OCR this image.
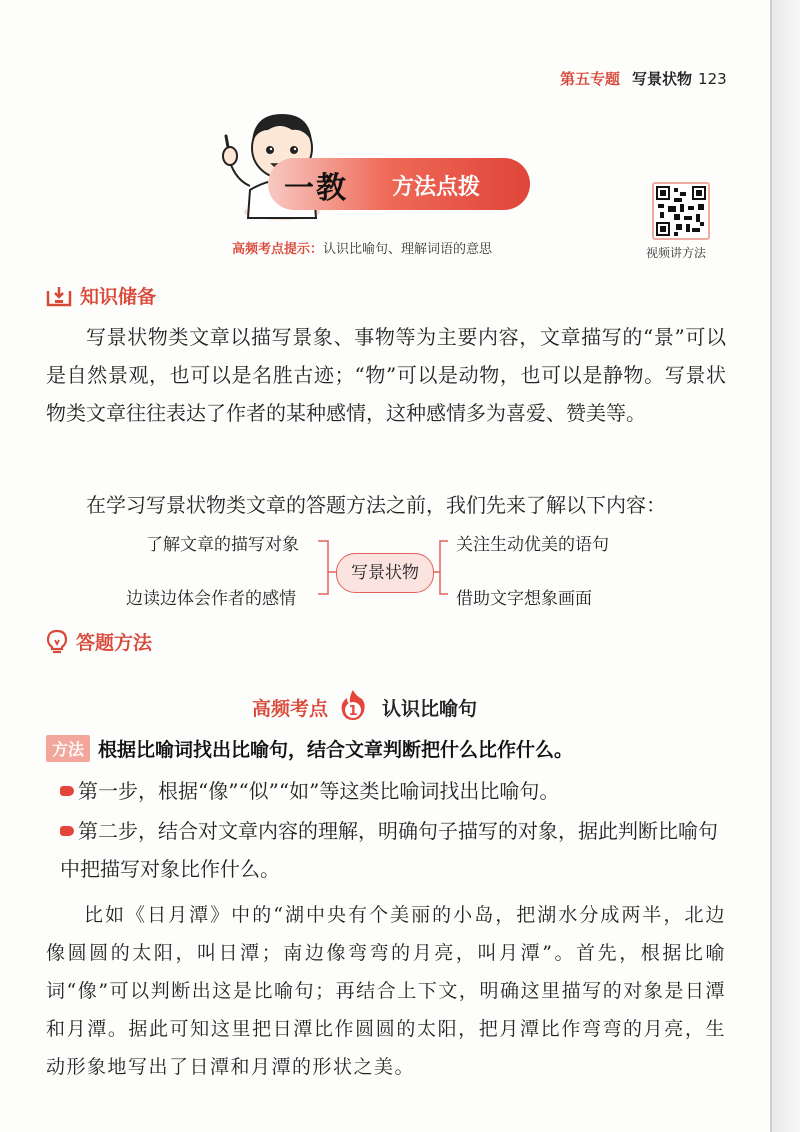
第五专题 写景状物 123
一教 方法点拨
高频考点提示：认识比喻句、理解词语的意思	视频讲方法
知识储备
写景状物类文章以描写景象、事物等为主要内容，文章描写的“景”可以是自然景观，也可以是名胜古迹；“物”可以是动物，也可以是静物。写景状物类文章往往表达了作者的某种感情，这种感情多为喜爱、赞美等。
在学习写景状物类文章的答题方法之前，我们先来了解以下内容：
了解文章的描写对象
边读边体会作者的感情
写景状物
关注生动优美的语句
借助文字想象画面
答题方法
高频考点 1 认识比喻句
方法 根据比喻词找出比喻句，结合文章判断把什么比作什么。
第一步，根据“像”“似”“如”等这类比喻词找出比喻句。
第二步，结合对文章内容的理解，明确句子描写的对象，据此判断比喻句中把描写对象比作什么。
比如《日月潭》中的“湖中央有个美丽的小岛，把湖水分成两半，北边像圆圆的太阳，叫日潭；南边像弯弯的月亮，叫月潭”。首先，根据比喻词“像”可以判断出这是比喻句；再结合上下文，明确这里描写的对象是日潭和月潭。据此可知这里把日潭比作圆圆的太阳，把月潭比作弯弯的月亮，生动形象地写出了日潭和月潭的形状之美。
